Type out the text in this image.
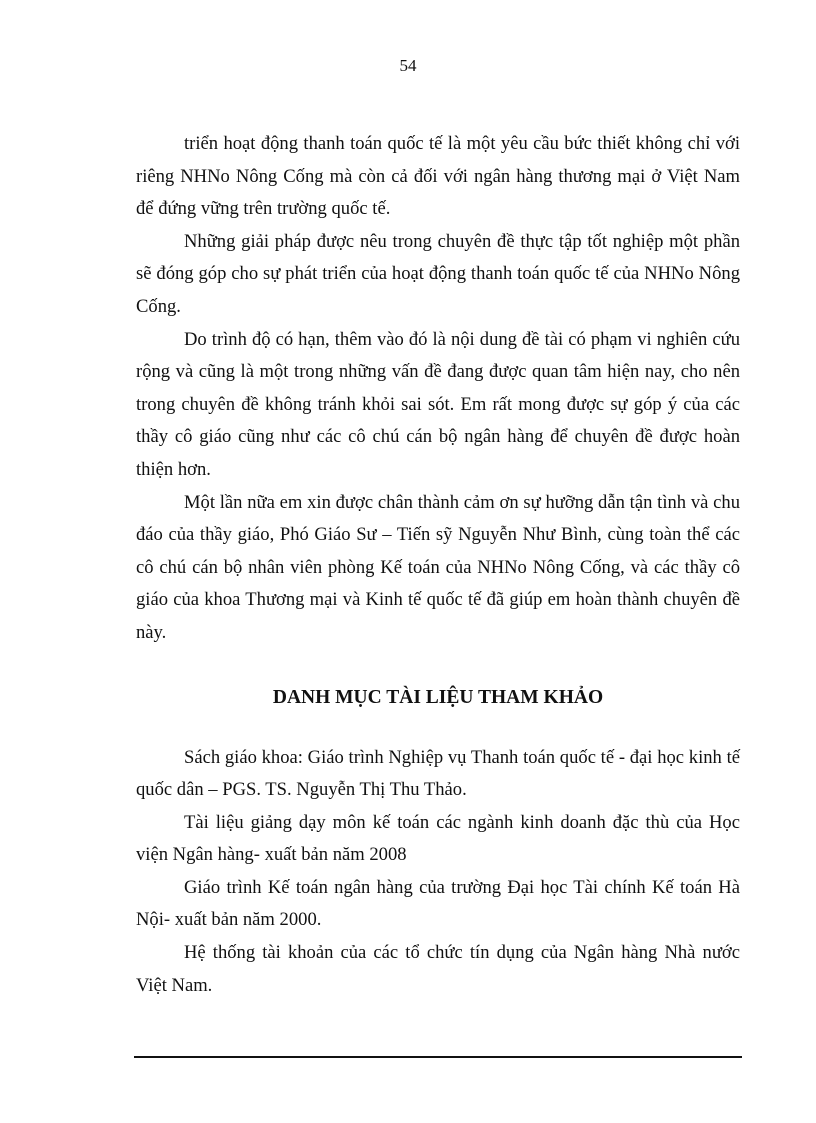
54

triển hoạt động thanh toán quốc tế là một yêu cầu bức thiết không chỉ với riêng NHNo Nông Cống mà còn cả đối với ngân hàng thương mại ở Việt Nam để đứng vững trên trường quốc tế.

Những giải pháp được nêu trong chuyên đề thực tập tốt nghiệp một phần sẽ đóng góp cho sự phát triển của hoạt động thanh toán quốc tế của NHNo Nông Cống.

Do trình độ có hạn, thêm vào đó là nội dung đề tài có phạm vi nghiên cứu rộng và cũng là một trong những vấn đề đang được quan tâm hiện nay, cho nên trong chuyên đề không tránh khỏi sai sót. Em rất mong được sự góp ý của các thầy cô giáo cũng như các cô chú cán bộ ngân hàng để chuyên đề được hoàn thiện hơn.

Một lần nữa em xin được chân thành cảm ơn sự hưỡng dẫn tận tình và chu đáo của thầy giáo, Phó Giáo Sư – Tiến sỹ Nguyễn Như Bình, cùng toàn thể các cô chú cán bộ nhân viên phòng Kế toán của NHNo Nông Cống, và các thầy cô giáo của khoa Thương mại và Kinh tế quốc tế đã giúp em hoàn thành chuyên đề này.

DANH MỤC TÀI LIỆU THAM KHẢO

Sách giáo khoa: Giáo trình Nghiệp vụ Thanh toán quốc tế - đại học kinh tế quốc dân – PGS. TS. Nguyễn Thị Thu Thảo.

Tài liệu giảng dạy môn kế toán các ngành kinh doanh đặc thù của Học viện Ngân hàng- xuất bản năm 2008

Giáo trình Kế toán ngân hàng của trường Đại học Tài chính Kế toán Hà Nội- xuất bản năm 2000.

Hệ thống tài khoản của các tổ chức tín dụng của Ngân hàng Nhà nước Việt Nam.
